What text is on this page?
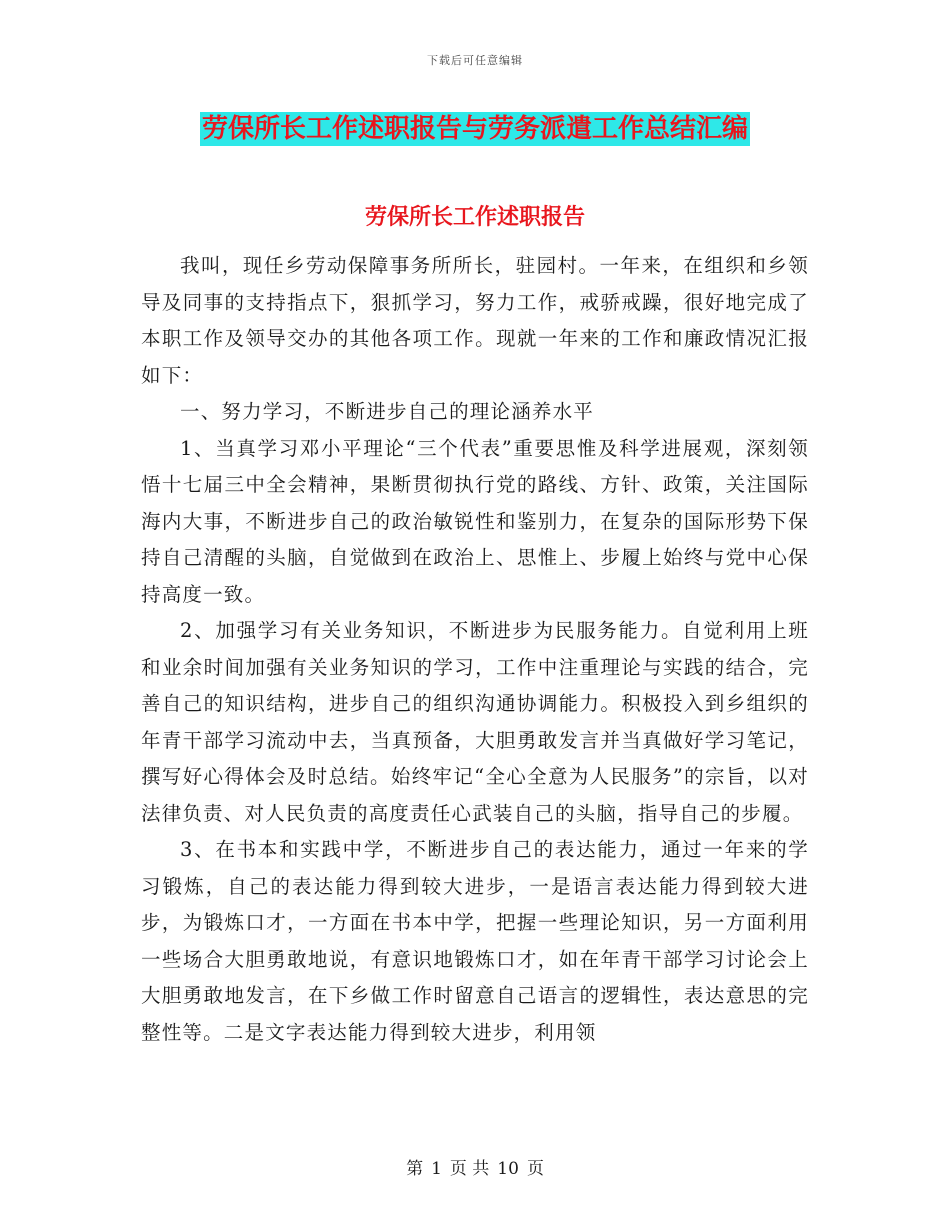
下载后可任意编辑
劳保所长工作述职报告与劳务派遣工作总结汇编
劳保所长工作述职报告

我叫，现任乡劳动保障事务所所长，驻园村。一年来，在组织和乡领导及同事的支持指点下，狠抓学习，努力工作，戒骄戒躁，很好地完成了本职工作及领导交办的其他各项工作。现就一年来的工作和廉政情况汇报如下：

一、努力学习，不断进步自己的理论涵养水平

1、当真学习邓小平理论“三个代表”重要思惟及科学进展观，深刻领悟十七届三中全会精神，果断贯彻执行党的路线、方针、政策，关注国际海内大事，不断进步自己的政治敏锐性和鉴别力，在复杂的国际形势下保持自己清醒的头脑，自觉做到在政治上、思惟上、步履上始终与党中心保持高度一致。

2、加强学习有关业务知识，不断进步为民服务能力。自觉利用上班和业余时间加强有关业务知识的学习，工作中注重理论与实践的结合，完善自己的知识结构，进步自己的组织沟通协调能力。积极投入到乡组织的年青干部学习流动中去，当真预备，大胆勇敢发言并当真做好学习笔记，撰写好心得体会及时总结。始终牢记“全心全意为人民服务”的宗旨，以对法律负责、对人民负责的高度责任心武装自己的头脑，指导自己的步履。

3、在书本和实践中学，不断进步自己的表达能力，通过一年来的学习锻炼，自己的表达能力得到较大进步，一是语言表达能力得到较大进步，为锻炼口才，一方面在书本中学，把握一些理论知识，另一方面利用一些场合大胆勇敢地说，有意识地锻炼口才，如在年青干部学习讨论会上大胆勇敢地发言，在下乡做工作时留意自己语言的逻辑性，表达意思的完整性等。二是文字表达能力得到较大进步，利用领

第 1 页 共 10 页
